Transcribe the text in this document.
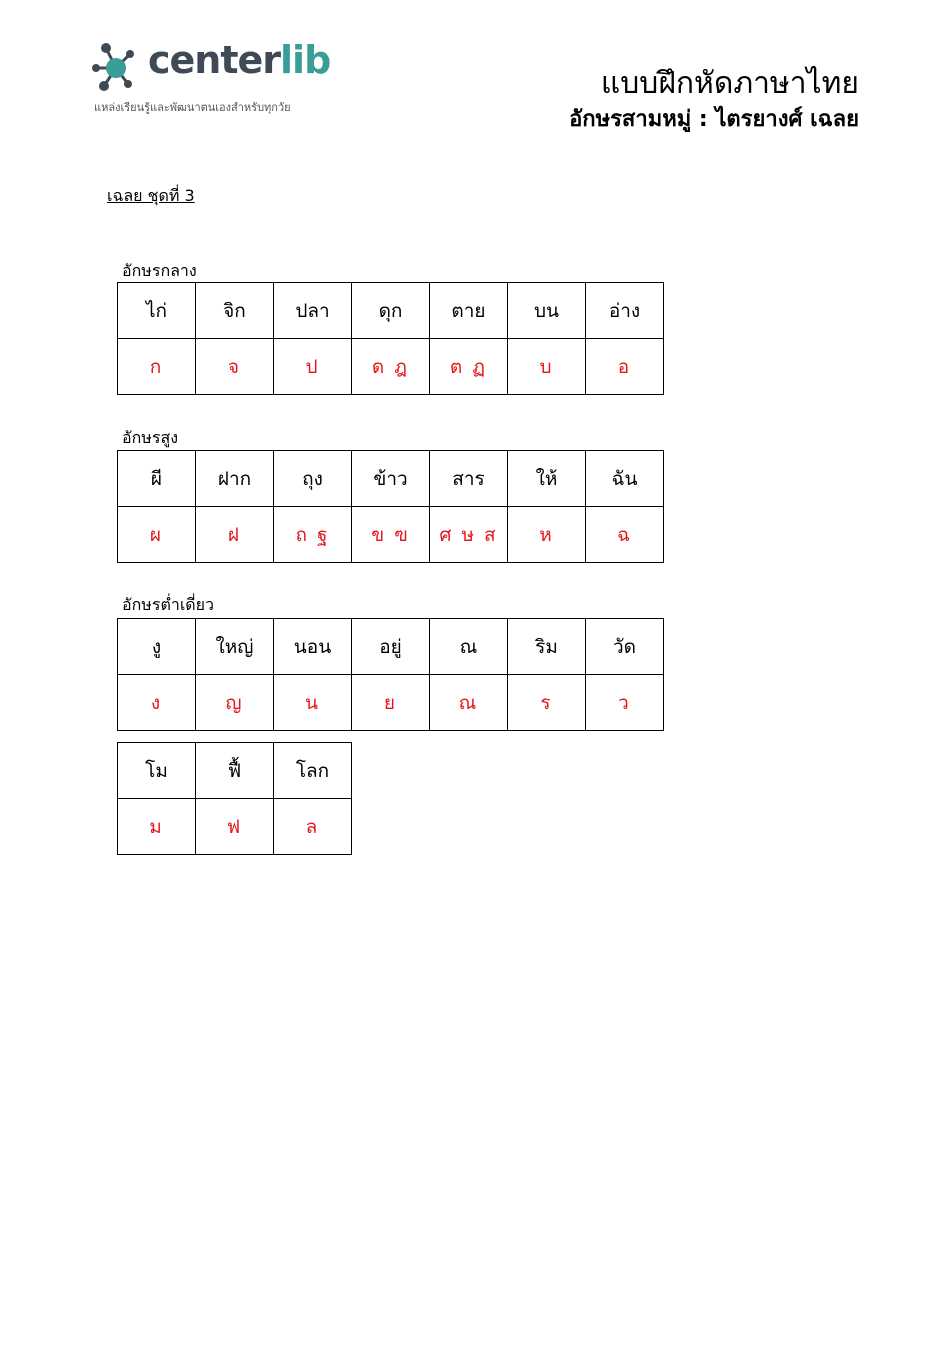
centerlib
แหล่งเรียนรู้และพัฒนาตนเองสำหรับทุกวัย
แบบฝึกหัดภาษาไทย
อักษรสามหมู่ : ไตรยางศ์ เฉลย
เฉลย ชุดที่ 3
อักษรกลาง
ไก่	จิก	ปลา	ดุก	ตาย	บน	อ่าง
ก	จ	ป	ด ฎ	ต ฏ	บ	อ
อักษรสูง
ผี	ฝาก	ถุง	ข้าว	สาร	ให้	ฉัน
ผ	ฝ	ถ ฐ	ข ฃ	ศ ษ ส	ห	ฉ
อักษรต่ำเดี่ยว
งู	ใหญ่	นอน	อยู่	ณ	ริม	วัด
ง	ญ	น	ย	ณ	ร	ว
โม	ฟื้	โลก
ม	ฟ	ล
